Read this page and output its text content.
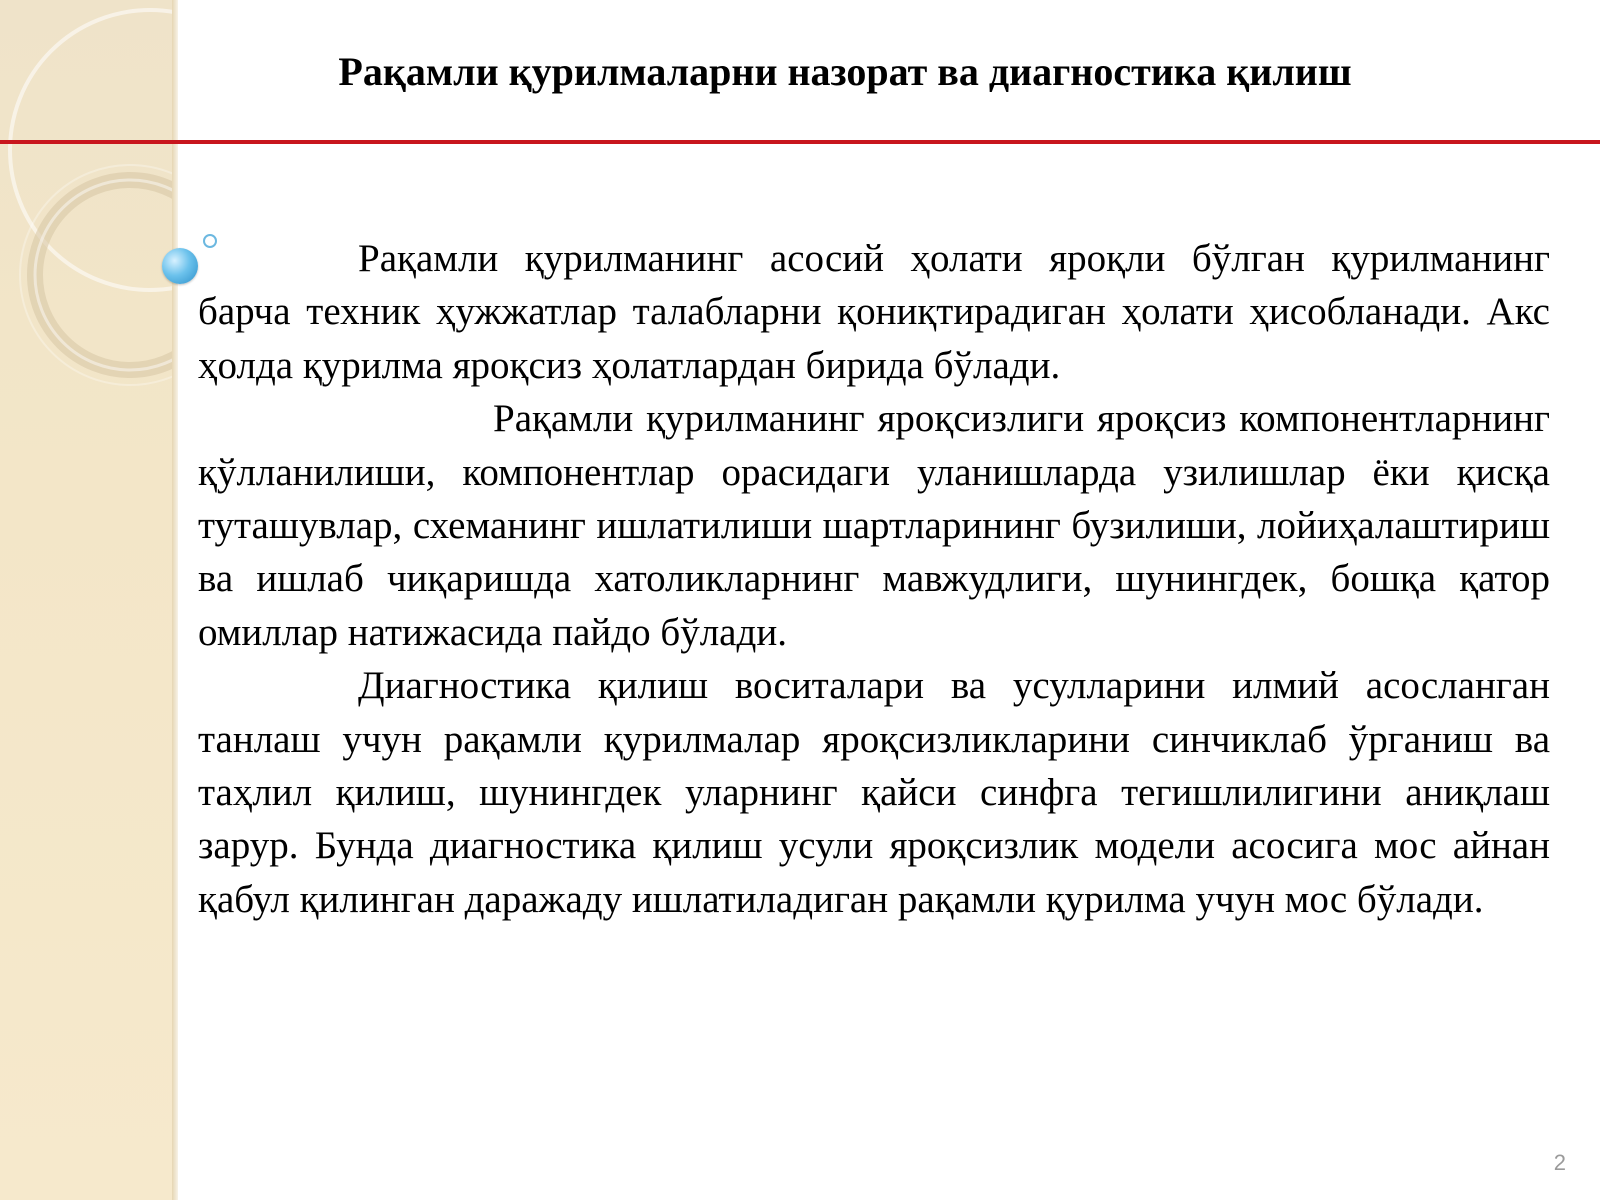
Рақамли қурилмаларни назорат ва диагностика қилиш

Рақамли қурилманинг асосий ҳолати яроқли бўлган қурилманинг барча техник ҳужжатлар талабларни қониқтирадиган ҳолати ҳисобланади. Акс ҳолда қурилма яроқсиз ҳолатлардан бирида бўлади.

Рақамли қурилманинг яроқсизлиги яроқсиз компонентларнинг қўлланилиши, компонентлар орасидаги уланишларда узилишлар ёки қисқа туташувлар, схеманинг ишлатилиши шартларининг бузилиши, лойиҳалаштириш ва ишлаб чиқаришда хатоликларнинг мавжудлиги, шунингдек, бошқа қатор омиллар натижасида пайдо бўлади.

Диагностика қилиш воситалари ва усулларини илмий асосланган танлаш учун рақамли қурилмалар яроқсизликларини синчиклаб ўрганиш ва таҳлил қилиш, шунингдек уларнинг қайси синфга тегишлилигини аниқлаш зарур. Бунда диагностика қилиш усули яроқсизлик модели асосига мос айнан қабул қилинган даражаду ишлатиладиган рақамли қурилма учун мос бўлади.

2
